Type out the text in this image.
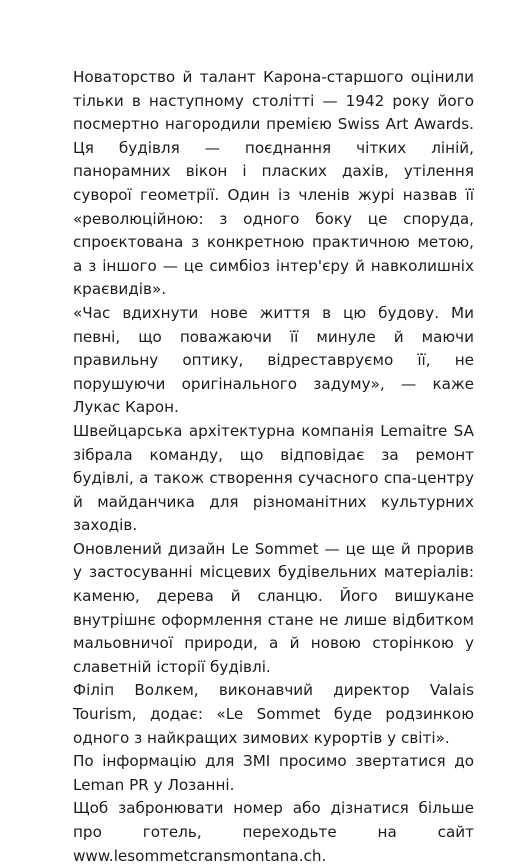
Новаторство й талант Карона-старшого оцінили тільки в наступному столітті — 1942 року його посмертно нагородили премією Swiss Art Awards. Ця будівля — поєднання чітких ліній, панорамних вікон і пласких дахів, утілення суворої геометрії. Один із членів журі назвав її «революційною: з одного боку це споруда, спроєктована з конкретною практичною метою, а з іншого — це симбіоз інтер'єру й навколишніх краєвидів».

«Час вдихнути нове життя в цю будову. Ми певні, що поважаючи її минуле й маючи правильну оптику, відреставруємо її, не порушуючи оригінального задуму», — каже Лукас Карон.

Швейцарська архітектурна компанія Lemaitre SA зібрала команду, що відповідає за ремонт будівлі, а також створення сучасного спа-центру й майданчика для різноманітних культурних заходів.

Оновлений дизайн Le Sommet — це ще й прорив у застосуванні місцевих будівельних матеріалів: каменю, дерева й сланцю. Його вишукане внутрішнє оформлення стане не лише відбитком мальовничої природи, а й новою сторінкою у славетній історії будівлі.

Філіп Волкем, виконавчий директор Valais Tourism, додає: «Le Sommet буде родзинкою одного з найкращих зимових курортів у світі».

По інформацію для ЗМІ просимо звертатися до Leman PR у Лозанні.

Щоб забронювати номер або дізнатися більше про готель, переходьте на сайт www.lesommetcransmontana.ch.
